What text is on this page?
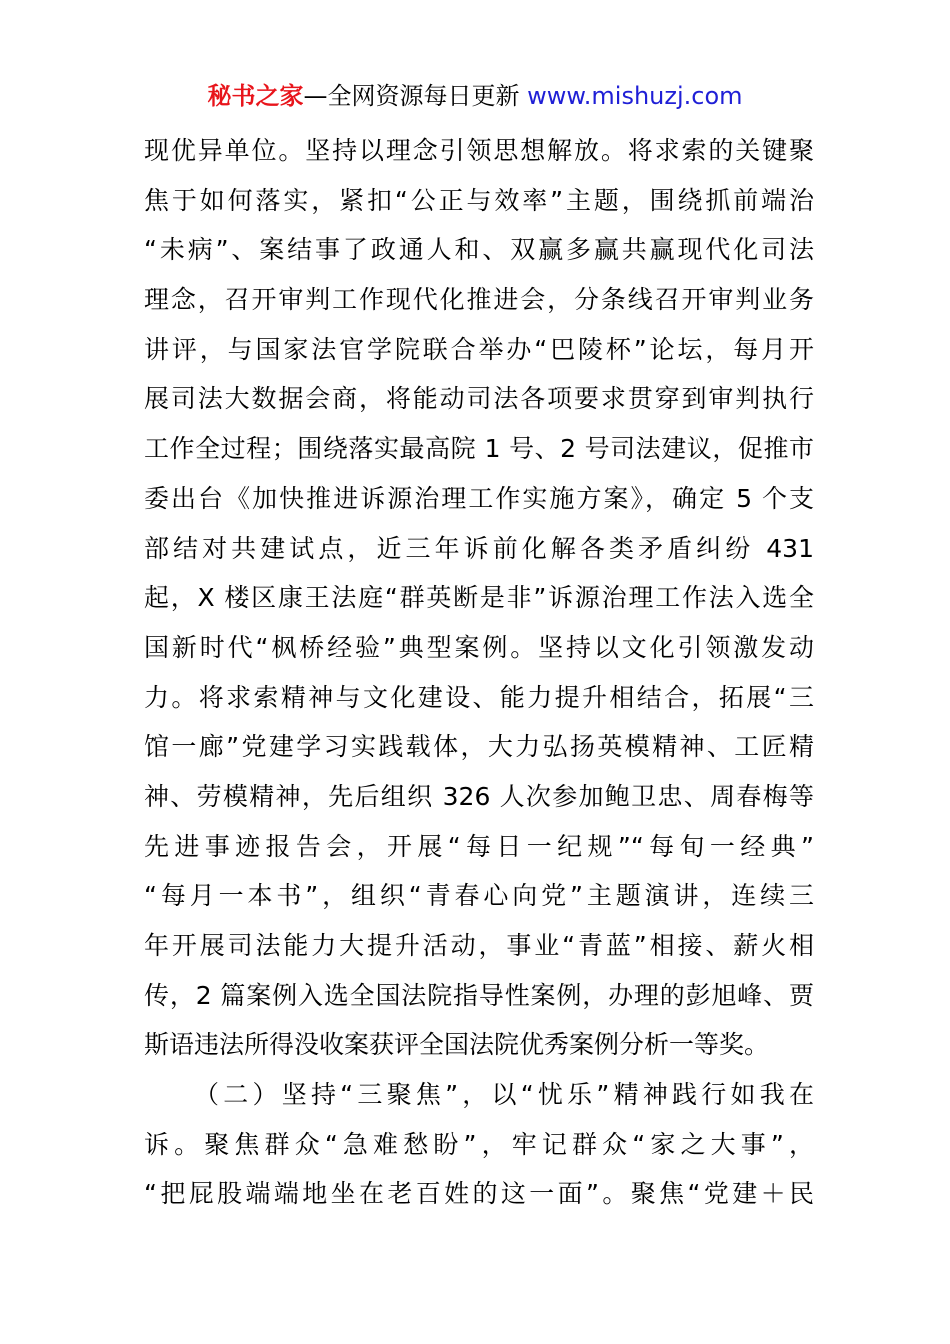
秘书之家—全网资源每日更新 www.mishuzj.com
现优异单位。坚持以理念引领思想解放。将求索的关键聚
焦于如何落实，紧扣“公正与效率”主题，围绕抓前端治
“未病”、案结事了政通人和、双赢多赢共赢现代化司法
理念，召开审判工作现代化推进会，分条线召开审判业务
讲评，与国家法官学院联合举办“巴陵杯”论坛，每月开
展司法大数据会商，将能动司法各项要求贯穿到审判执行
工作全过程；围绕落实最高院 1 号、2 号司法建议，促推市
委出台《加快推进诉源治理工作实施方案》，确定 5 个支
部结对共建试点，近三年诉前化解各类矛盾纠纷 431
起，X 楼区康王法庭“群英断是非”诉源治理工作法入选全
国新时代“枫桥经验”典型案例。坚持以文化引领激发动
力。将求索精神与文化建设、能力提升相结合，拓展“三
馆一廊”党建学习实践载体，大力弘扬英模精神、工匠精
神、劳模精神，先后组织 326 人次参加鲍卫忠、周春梅等
先进事迹报告会，开展“每日一纪规”“每旬一经典”
“每月一本书”，组织“青春心向党”主题演讲，连续三
年开展司法能力大提升活动，事业“青蓝”相接、薪火相
传，2 篇案例入选全国法院指导性案例，办理的彭旭峰、贾
斯语违法所得没收案获评全国法院优秀案例分析一等奖。
（二）坚持“三聚焦”，以“忧乐”精神践行如我在
诉。聚焦群众“急难愁盼”，牢记群众“家之大事”，
“把屁股端端地坐在老百姓的这一面”。聚焦“党建＋民
